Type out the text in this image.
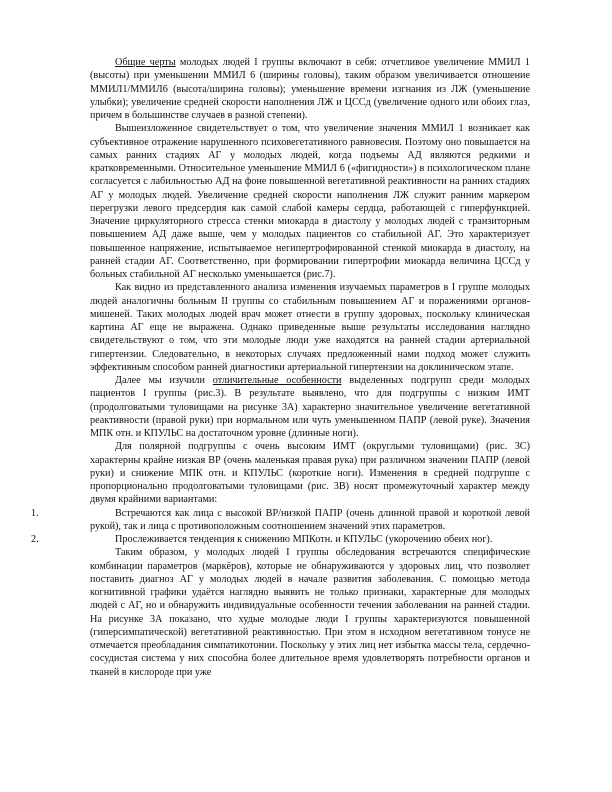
Общие черты молодых людей I группы включают в себя: отчетливое увеличение ММИЛ 1 (высоты) при уменьшении ММИЛ 6 (ширины головы), таким образом увеличивается отношение ММИЛ1/ММИЛ6 (высота/ширина головы); уменьшение времени изгнания из ЛЖ (уменьшение улыбки); увеличение средней скорости наполнения ЛЖ и ЦССд (увеличение одного или обоих глаз, причем в большинстве случаев в разной степени).

Вышеизложенное свидетельствует о том, что увеличение значения ММИЛ 1 возникает как субъективное отражение нарушенного психовегетативного равновесия. Поэтому оно повышается на самых ранних стадиях АГ у молодых людей, когда подъемы АД являются редкими и кратковременными. Относительное уменьшение ММИЛ 6 («фигидности») в психологическом плане согласуется с лабильностью АД на фоне повышенной вегетативной реактивности на ранних стадиях АГ у молодых людей. Увеличение средней скорости наполнения ЛЖ служит ранним маркером перегрузки левого предсердия как самой слабой камеры сердца, работающей с гиперфункцией. Значение циркуляторного стресса стенки миокарда в диастолу у молодых людей с транзиторным повышением АД даже выше, чем у молодых пациентов со стабильной АГ. Это характеризует повышенное напряжение, испытываемое негипертрофированной стенкой миокарда в диастолу, на ранней стадии АГ. Соответственно, при формировании гипертрофии миокарда величина ЦССд у больных стабильной АГ несколько уменьшается (рис.7).

Как видно из представленного анализа изменения изучаемых параметров в I группе молодых людей аналогичны больным II группы со стабильным повышением АГ и поражениями органов-мишеней. Таких молодых людей врач может отнести в группу здоровых, поскольку клиническая картина АГ еще не выражена. Однако приведенные выше результаты исследования наглядно свидетельствуют о том, что эти молодые люди уже находятся на ранней стадии артериальной гипертензии. Следовательно, в некоторых случаях предложенный нами подход может служить эффективным способом ранней диагностики артериальной гипертензии на доклиническом этапе.

Далее мы изучили отличительные особенности выделенных подгрупп среди молодых пациентов I группы (рис.3). В результате выявлено, что для подгруппы с низким ИМТ (продолговатыми туловищами на рисунке 3А) характерно значительное увеличение вегетативной реактивности (правой руки) при нормальном или чуть уменьшенном ПАПР (левой руке). Значения МПК отн. и КПУЛЬС на достаточном уровне (длинные ноги).

Для полярной подгруппы с очень высоким ИМТ (округлыми туловищами) (рис. 3С) характерны крайне низкая ВР (очень маленькая правая рука) при различном значении ПАПР (левой руки) и снижение МПК отн. и КПУЛЬС (короткие ноги). Изменения в средней подгруппе с пропорционально продолговатыми туловищами (рис. 3В) носят промежуточный характер между двумя крайними вариантами:

1.	Встречаются как лица с высокой ВР/низкой ПАПР (очень длинной правой и короткой левой рукой), так и лица с противоположным соотношением значений этих параметров.

2.	Прослеживается тенденция к снижению МПКотн. и КПУЛЬС (укорочению обеих ног).

Таким образом, у молодых людей I группы обследования встречаются специфические комбинации параметров (маркёров), которые не обнаруживаются у здоровых лиц, что позволяет поставить диагноз АГ у молодых людей в начале развития заболевания. С помощью метода когнитивной графики удаётся наглядно выявить не только признаки, характерные для молодых людей с АГ, но и обнаружить индивидуальные особенности течения заболевания на ранней стадии. На рисунке 3А показано, что худые молодые люди I группы характеризуются повышенной (гиперсимпатической) вегетативной реактивностью. При этом в исходном вегетативном тонусе не отмечается преобладания симпатикотонии. Поскольку у этих лиц нет избытка массы тела, сердечно-сосудистая система у них способна более длительное время удовлетворять потребности органов и тканей в кислороде при уже
